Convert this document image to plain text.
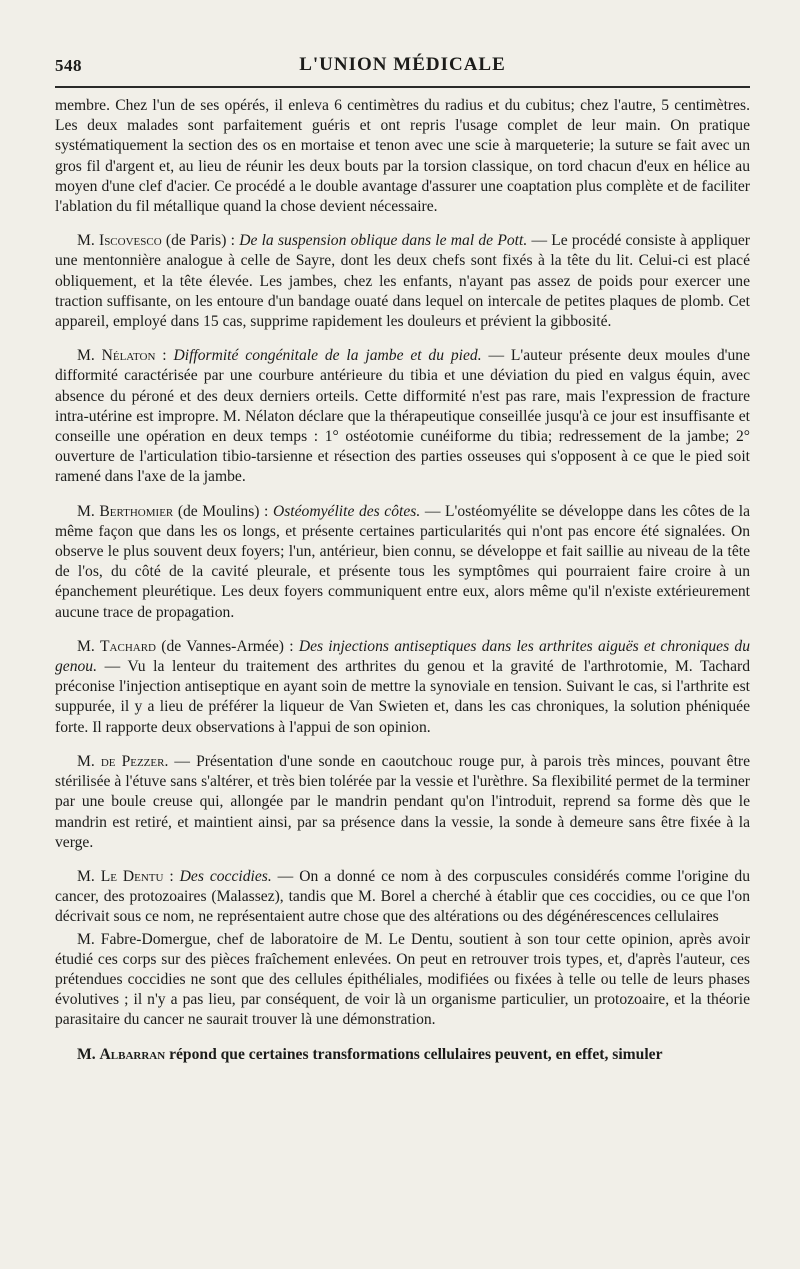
548	L'UNION MÉDICALE

membre. Chez l'un de ses opérés, il enleva 6 centimètres du radius et du cubitus; chez l'autre, 5 centimètres. Les deux malades sont parfaitement guéris et ont repris l'usage complet de leur main. On pratique systématiquement la section des os en mortaise et tenon avec une scie à marqueterie; la suture se fait avec un gros fil d'argent et, au lieu de réunir les deux bouts par la torsion classique, on tord chacun d'eux en hélice au moyen d'une clef d'acier. Ce procédé a le double avantage d'assurer une coaptation plus complète et de faciliter l'ablation du fil métallique quand la chose devient nécessaire.

M. Iscovesco (de Paris) : De la suspension oblique dans le mal de Pott. — Le procédé consiste à appliquer une mentonnière analogue à celle de Sayre, dont les deux chefs sont fixés à la tête du lit. Celui-ci est placé obliquement, et la tête élevée. Les jambes, chez les enfants, n'ayant pas assez de poids pour exercer une traction suffisante, on les entoure d'un bandage ouaté dans lequel on intercale de petites plaques de plomb. Cet appareil, employé dans 15 cas, supprime rapidement les douleurs et prévient la gibbosité.

M. Nélaton : Difformité congénitale de la jambe et du pied. — L'auteur présente deux moules d'une difformité caractérisée par une courbure antérieure du tibia et une déviation du pied en valgus équin, avec absence du péroné et des deux derniers orteils. Cette difformité n'est pas rare, mais l'expression de fracture intra-utérine est impropre. M. Nélaton déclare que la thérapeutique conseillée jusqu'à ce jour est insuffisante et conseille une opération en deux temps : 1° ostéotomie cunéiforme du tibia; redressement de la jambe; 2° ouverture de l'articulation tibio-tarsienne et résection des parties osseuses qui s'opposent à ce que le pied soit ramené dans l'axe de la jambe.

M. Berthomier (de Moulins) : Ostéomyélite des côtes. — L'ostéomyélite se développe dans les côtes de la même façon que dans les os longs, et présente certaines particularités qui n'ont pas encore été signalées. On observe le plus souvent deux foyers; l'un, antérieur, bien connu, se développe et fait saillie au niveau de la tête de l'os, du côté de la cavité pleurale, et présente tous les symptômes qui pourraient faire croire à un épanchement pleurétique. Les deux foyers communiquent entre eux, alors même qu'il n'existe extérieurement aucune trace de propagation.

M. Tachard (de Vannes-Armée) : Des injections antiseptiques dans les arthrites aiguës et chroniques du genou. — Vu la lenteur du traitement des arthrites du genou et la gravité de l'arthrotomie, M. Tachard préconise l'injection antiseptique en ayant soin de mettre la synoviale en tension. Suivant le cas, si l'arthrite est suppurée, il y a lieu de préférer la liqueur de Van Swieten et, dans les cas chroniques, la solution phéniquée forte. Il rapporte deux observations à l'appui de son opinion.

M. de Pezzer. — Présentation d'une sonde en caoutchouc rouge pur, à parois très minces, pouvant être stérilisée à l'étuve sans s'altérer, et très bien tolérée par la vessie et l'urèthre. Sa flexibilité permet de la terminer par une boule creuse qui, allongée par le mandrin pendant qu'on l'introduit, reprend sa forme dès que le mandrin est retiré, et maintient ainsi, par sa présence dans la vessie, la sonde à demeure sans être fixée à la verge.

M. Le Dentu : Des coccidies. — On a donné ce nom à des corpuscules considérés comme l'origine du cancer, des protozoaires (Malassez), tandis que M. Borel a cherché à établir que ces coccidies, ou ce que l'on décrivait sous ce nom, ne représentaient autre chose que des altérations ou des dégénérescences cellulaires

M. Fabre-Domergue, chef de laboratoire de M. Le Dentu, soutient à son tour cette opinion, après avoir étudié ces corps sur des pièces fraîchement enlevées. On peut en retrouver trois types, et, d'après l'auteur, ces prétendues coccidies ne sont que des cellules épithéliales, modifiées ou fixées à telle ou telle de leurs phases évolutives ; il n'y a pas lieu, par conséquent, de voir là un organisme particulier, un protozoaire, et la théorie parasitaire du cancer ne saurait trouver là une démonstration.

M. Albarran répond que certaines transformations cellulaires peuvent, en effet, simuler
